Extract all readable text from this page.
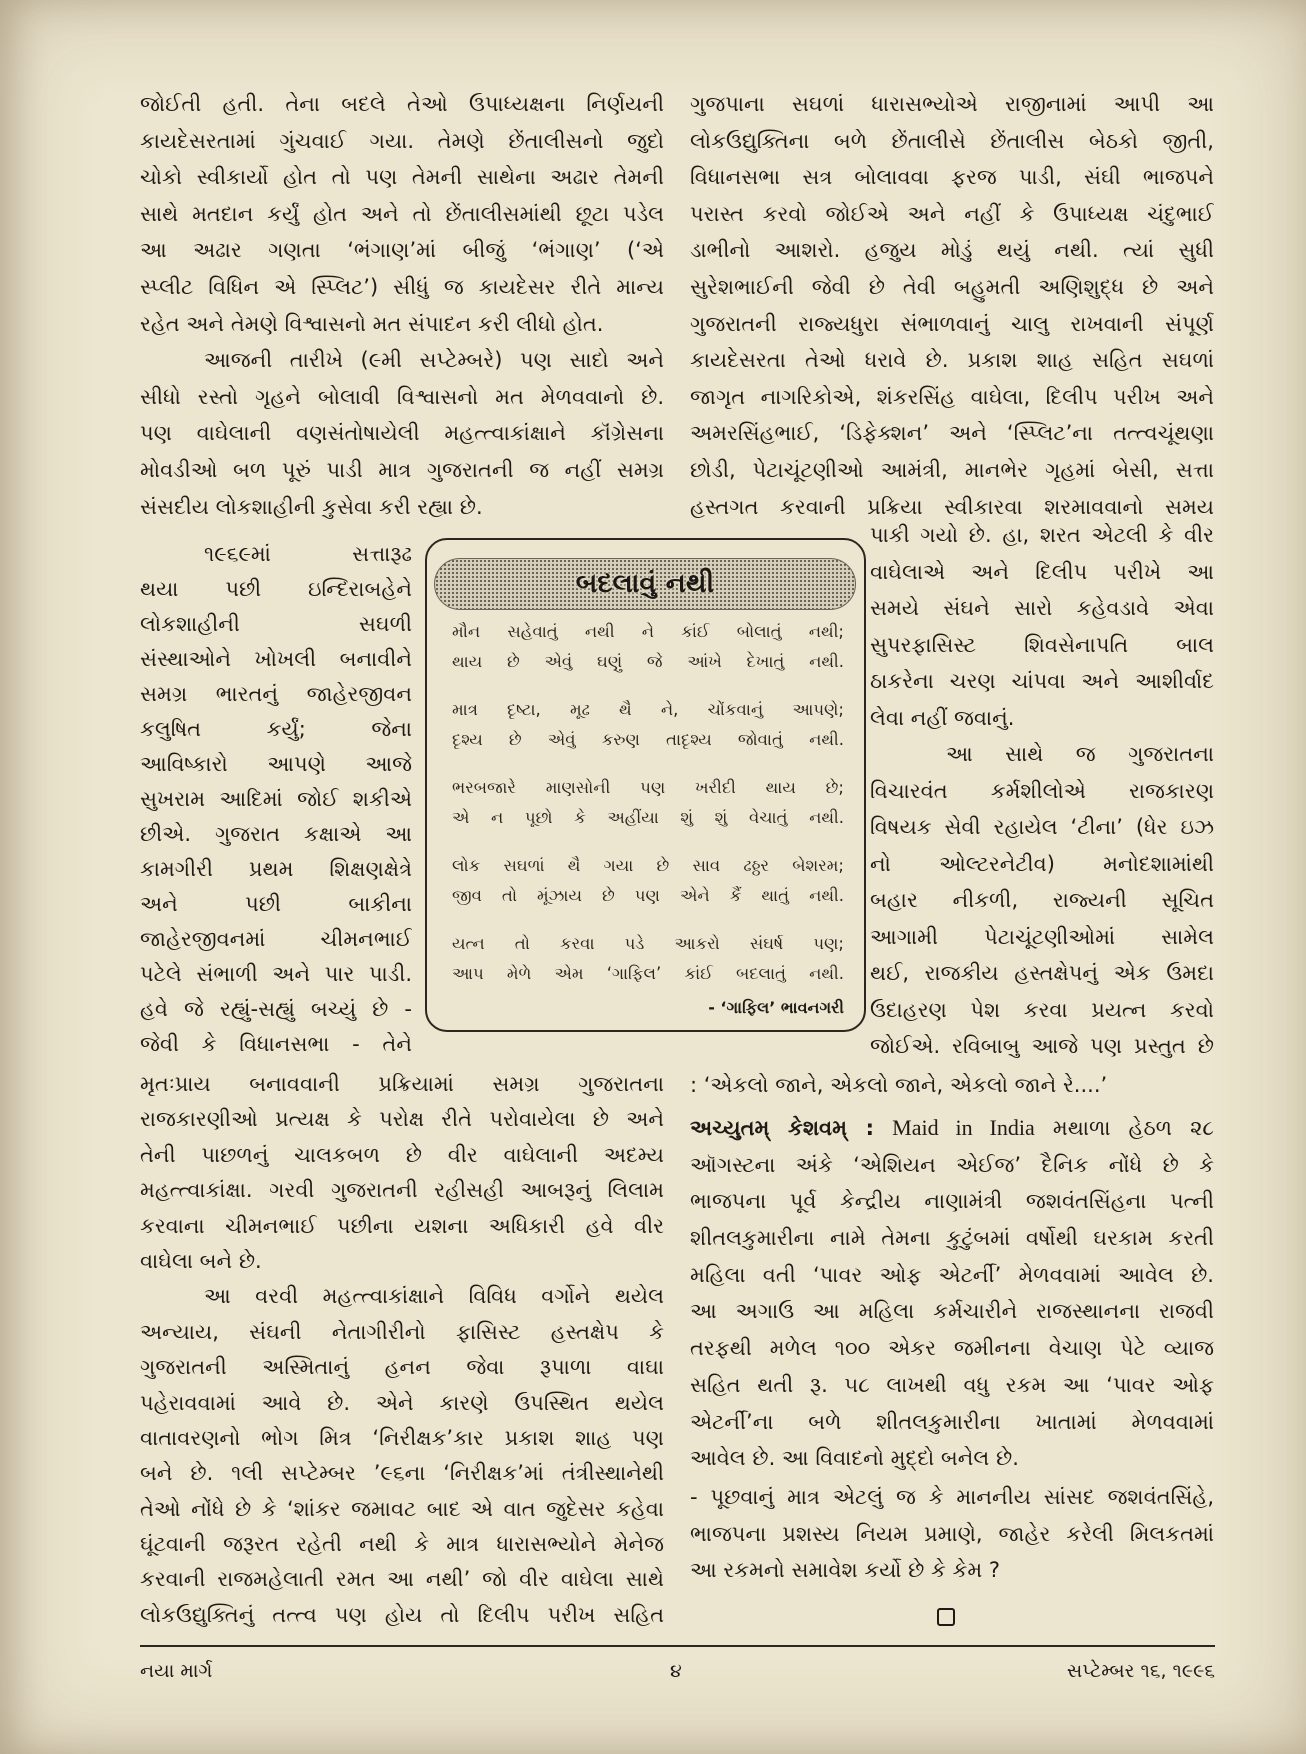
જોઈતી હતી. તેના બદલે તેઓ ઉપાધ્યક્ષના નિર્ણયની
કાયદેસરતામાં ગુંચવાઈ ગયા. તેમણે છેંતાલીસનો જુદો
ચોકો સ્વીકાર્યો હોત તો પણ તેમની સાથેના અઢાર તેમની
સાથે મતદાન કર્યું હોત અને તો છેંતાલીસમાંથી છૂટા પડેલ
આ અઢાર ગણતા ‘ભંગાણ’માં બીજું ‘ભંગાણ’ (‘એ
સ્પ્લીટ વિધિન એ સ્પ્લિટ’) સીધું જ કાયદેસર રીતે માન્ય
રહેત અને તેમણે વિશ્વાસનો મત સંપાદન કરી લીધો હોત.
આજની તારીખે (૯મી સપ્ટેમ્બરે) પણ સાદો અને
સીધો રસ્તો ગૃહને બોલાવી વિશ્વાસનો મત મેળવવાનો છે.
પણ વાઘેલાની વણસંતોષાયેલી મહત્ત્વાકાંક્ષાને કૉંગ્રેસના
મોવડીઓ બળ પૂરું પાડી માત્ર ગુજરાતની જ નહીં સમગ્ર
સંસદીય લોકશાહીની કુસેવા કરી રહ્યા છે.
૧૯૬૯માં સત્તારૂઢ
થયા પછી ઇન્દિરાબહેને
લોકશાહીની સઘળી
સંસ્થાઓને ખોખલી બનાવીને
સમગ્ર ભારતનું જાહેરજીવન
કલુષિત કર્યું; જેના
આવિષ્કારો આપણે આજે
સુખરામ આદિમાં જોઈ શકીએ
છીએ. ગુજરાત કક્ષાએ આ
કામગીરી પ્રથમ શિક્ષણક્ષેત્રે
અને પછી બાકીના
જાહેરજીવનમાં ચીમનભાઈ
પટેલે સંભાળી અને પાર પાડી.
હવે જે રહ્યું-સહ્યું બચ્યું છે -
જેવી કે વિધાનસભા - તેને
બદલાવું નથી
મૌન સહેવાતું નથી ને કાંઈ બોલાતું નથી;
થાય છે એવું ઘણું જે આંખે દેખાતું નથી.
માત્ર દૃષ્ટા, મૂઢ થૈ ને, ચોંકવાનું આપણે;
દૃશ્ય છે એવું કરુણ તાદૃશ્ય જોવાતું નથી.
ભરબજારે માણસોની પણ ખરીદી થાય છે;
એ ન પૂછો કે અહીંયા શું શું વેચાતું નથી.
લોક સઘળાં થૈ ગયા છે સાવ ઢઠ્ઠર બેશરમ;
જીવ તો મૂંઝાય છે પણ એને કૈં થાતું નથી.
યત્ન તો કરવા પડે આકરો સંઘર્ષ પણ;
આપ મેળે એમ ‘ગાફિલ’ કાંઈ બદલાતું નથી.
- ‘ગાફિલ’ ભાવનગરી
મૃતઃપ્રાય બનાવવાની પ્રક્રિયામાં સમગ્ર ગુજરાતના
રાજકારણીઓ પ્રત્યક્ષ કે પરોક્ષ રીતે પરોવાયેલા છે અને
તેની પાછળનું ચાલકબળ છે વીર વાઘેલાની અદમ્ય
મહત્ત્વાકાંક્ષા. ગરવી ગુજરાતની રહીસહી આબરૂનું લિલામ
કરવાના ચીમનભાઈ પછીના યશના અધિકારી હવે વીર
વાઘેલા બને છે.
આ વરવી મહત્ત્વાકાંક્ષાને વિવિધ વર્ગોને થયેલ
અન્યાય, સંઘની નેતાગીરીનો ફાસિસ્ટ હસ્તક્ષેપ કે
ગુજરાતની અસ્મિતાનું હનન જેવા રૂપાળા વાઘા
પહેરાવવામાં આવે છે. એને કારણે ઉપસ્થિત થયેલ
વાતાવરણનો ભોગ મિત્ર ‘નિરીક્ષક’કાર પ્રકાશ શાહ પણ
બને છે. ૧લી સપ્ટેમ્બર ’૯૬ના ‘નિરીક્ષક’માં તંત્રીસ્થાનેથી
તેઓ નોંધે છે કે ‘શાંકર જમાવટ બાદ એ વાત જુદેસર કહેવા
ઘૂંટવાની જરૂરત રહેતી નથી કે માત્ર ધારાસભ્યોને મેનેજ
કરવાની રાજમહેલાતી રમત આ નથી’ જો વીર વાઘેલા સાથે
લોકઉદ્યુક્તિનું તત્ત્વ પણ હોય તો દિલીપ પરીખ સહિત
ગુજપાના સઘળાં ધારાસભ્યોએ રાજીનામાં આપી આ
લોકઉદ્યુક્તિના બળે છેંતાલીસે છેંતાલીસ બેઠકો જીતી,
વિધાનસભા સત્ર બોલાવવા ફરજ પાડી, સંઘી ભાજપને
પરાસ્ત કરવો જોઈએ અને નહીં કે ઉપાધ્યક્ષ ચંદુભાઈ
ડાભીનો આશરો. હજુય મોડું થયું નથી. ત્યાં સુધી
સુરેશભાઈની જેવી છે તેવી બહુમતી અણિશુદ્ધ છે અને
ગુજરાતની રાજ્યધુરા સંભાળવાનું ચાલુ રાખવાની સંપૂર્ણ
કાયદેસરતા તેઓ ધરાવે છે. પ્રકાશ શાહ સહિત સઘળાં
જાગૃત નાગરિકોએ, શંકરસિંહ વાઘેલા, દિલીપ પરીખ અને
અમરસિંહભાઈ, ‘ડિફેક્શન’ અને ‘સ્પ્લિટ’ના તત્ત્વચૂંથણા
છોડી, પેટાચૂંટણીઓ આમંત્રી, માનભેર ગૃહમાં બેસી, સત્તા
હસ્તગત કરવાની પ્રક્રિયા સ્વીકારવા શરમાવવાનો સમય
પાકી ગયો છે. હા, શરત એટલી કે વીર
વાઘેલાએ અને દિલીપ પરીખે આ
સમયે સંઘને સારો કહેવડાવે એવા
સુપરફાસિસ્ટ શિવસેનાપતિ બાલ
ઠાકરેના ચરણ ચાંપવા અને આશીર્વાદ
લેવા નહીં જવાનું.
આ સાથે જ ગુજરાતના
વિચારવંત કર્મશીલોએ રાજકારણ
વિષયક સેવી રહાયેલ ‘ટીના’ (ધેર ઇઝ
નો ઓલ્ટરનેટીવ) મનોદશામાંથી
બહાર નીકળી, રાજ્યની સૂચિત
આગામી પેટાચૂંટણીઓમાં સામેલ
થઈ, રાજકીય હસ્તક્ષેપનું એક ઉમદા
ઉદાહરણ પેશ કરવા પ્રયત્ન કરવો
જોઈએ. રવિબાબુ આજે પણ પ્રસ્તુત છે
: ‘એકલો જાને, એકલો જાને, એકલો જાને રે....’
અચ્યુતમ્ કેશવમ્ : Maid in India મથાળા હેઠળ ૨૮
ઑગસ્ટના અંકે ‘એશિયન એઈજ’ દૈનિક નોંધે છે કે
ભાજપના પૂર્વ કેન્દ્રીય નાણામંત્રી જશવંતસિંહના પત્ની
શીતલકુમારીના નામે તેમના કુટુંબમાં વર્ષોથી ઘરકામ કરતી
મહિલા વતી ‘પાવર ઓફ એટર્ની’ મેળવવામાં આવેલ છે.
આ અગાઉ આ મહિલા કર્મચારીને રાજસ્થાનના રાજવી
તરફથી મળેલ ૧૦૦ એકર જમીનના વેચાણ પેટે વ્યાજ
સહિત થતી રૂ. ૫૮ લાખથી વધુ રકમ આ ‘પાવર ઓફ
એટર્ની’ના બળે શીતલકુમારીના ખાતામાં મેળવવામાં
આવેલ છે. આ વિવાદનો મુદ્દો બનેલ છે.
- પૂછવાનું માત્ર એટલું જ કે માનનીય સાંસદ જશવંતસિંહે,
ભાજપના પ્રશસ્ય નિયમ પ્રમાણે, જાહેર કરેલી મિલકતમાં
આ રકમનો સમાવેશ કર્યો છે કે કેમ ?
નયા માર્ગ	૪	સપ્ટેમ્બર ૧૬, ૧૯૯૬
